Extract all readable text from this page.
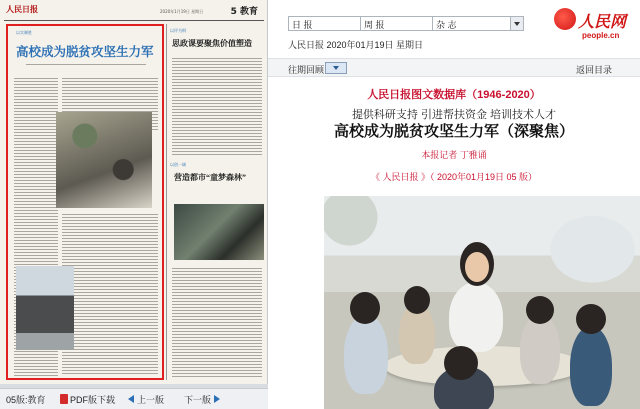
人民日报	2020年1月19日 星期日	5 教育
以实制胜
高校成为脱贫攻坚生力军
以评为纲
思政课要聚焦价值塑造
以创一域
营造都市“童梦森林”
05版:教育	PDF版下载	上一版 下一版
日 报	周 报	杂 志	人民网
people.cn
人民日报 2020年01月19日 星期日
往期回顾	返回目录
人民日报图文数据库（1946-2020）
提供科研支持 引进帮扶资金 培训技术人才
高校成为脱贫攻坚生力军（深聚焦）
本报记者 丁雅诵
《 人民日报 》（ 2020年01月19日 05 版）
